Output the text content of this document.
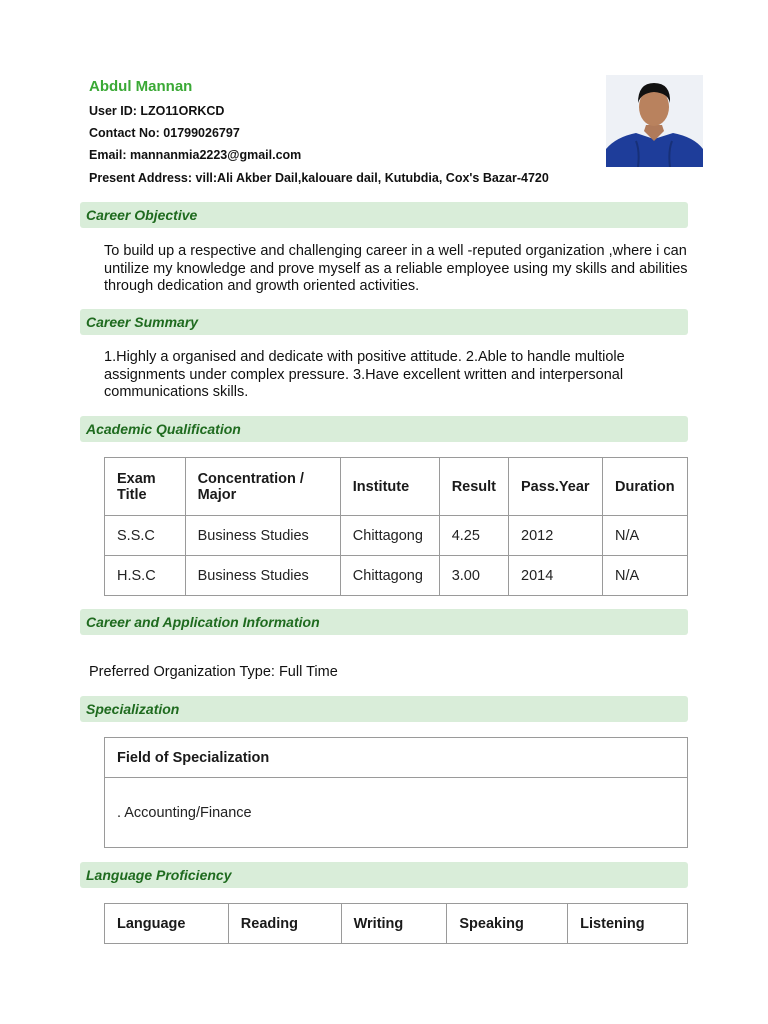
Abdul Mannan
User ID: LZO11ORKCD
Contact No: 01799026797
Email: mannanmia2223@gmail.com
Present Address: vill:Ali Akber Dail,kalouare dail, Kutubdia, Cox's Bazar-4720
Career Objective
To build up a respective and challenging career in a well -reputed organization ,where i can untilize my knowledge and prove myself as a reliable employee using my skills and abilities through dedication and growth oriented activities.
Career Summary
1.Highly a organised and dedicate with positive attitude. 2.Able to handle multiole assignments under complex pressure. 3.Have excellent written and interpersonal communications skills.
Academic Qualification
Exam Title	Concentration / Major	Institute	Result	Pass.Year	Duration
S.S.C	Business Studies	Chittagong	4.25	2012	N/A
H.S.C	Business Studies	Chittagong	3.00	2014	N/A
Career and Application Information
Preferred Organization Type: Full Time
Specialization
Field of Specialization
. Accounting/Finance
Language Proficiency
Language	Reading	Writing	Speaking	Listening
